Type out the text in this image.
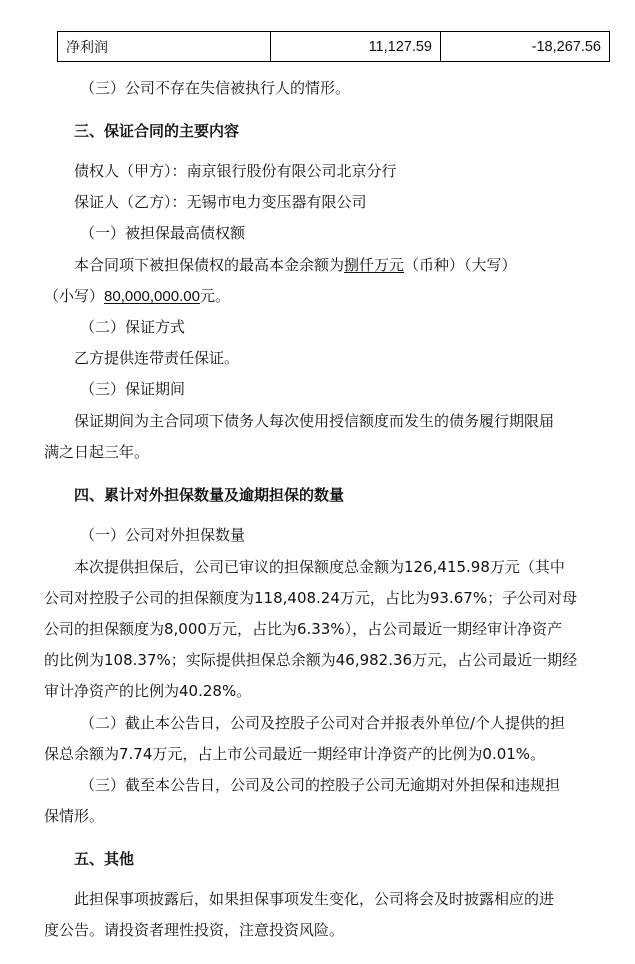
净利润	11,127.59	-18,267.56
（三）公司不存在失信被执行人的情形。
三、保证合同的主要内容
债权人（甲方）：南京银行股份有限公司北京分行
保证人（乙方）：无锡市电力变压器有限公司
（一）被担保最高债权额
本合同项下被担保债权的最高本金余额为捌仟万元（币种）（大写）
（小写）80,000,000.00元。
（二）保证方式
乙方提供连带责任保证。
（三）保证期间
保证期间为主合同项下债务人每次使用授信额度而发生的债务履行期限届
满之日起三年。
四、累计对外担保数量及逾期担保的数量
（一）公司对外担保数量
本次提供担保后，公司已审议的担保额度总金额为126,415.98万元（其中
公司对控股子公司的担保额度为118,408.24万元，占比为93.67%；子公司对母
公司的担保额度为8,000万元，占比为6.33%），占公司最近一期经审计净资产
的比例为108.37%；实际提供担保总余额为46,982.36万元，占公司最近一期经
审计净资产的比例为40.28%。
（二）截止本公告日，公司及控股子公司对合并报表外单位/个人提供的担
保总余额为7.74万元，占上市公司最近一期经审计净资产的比例为0.01%。
（三）截至本公告日，公司及公司的控股子公司无逾期对外担保和违规担
保情形。
五、其他
此担保事项披露后，如果担保事项发生变化，公司将会及时披露相应的进
度公告。请投资者理性投资，注意投资风险。
